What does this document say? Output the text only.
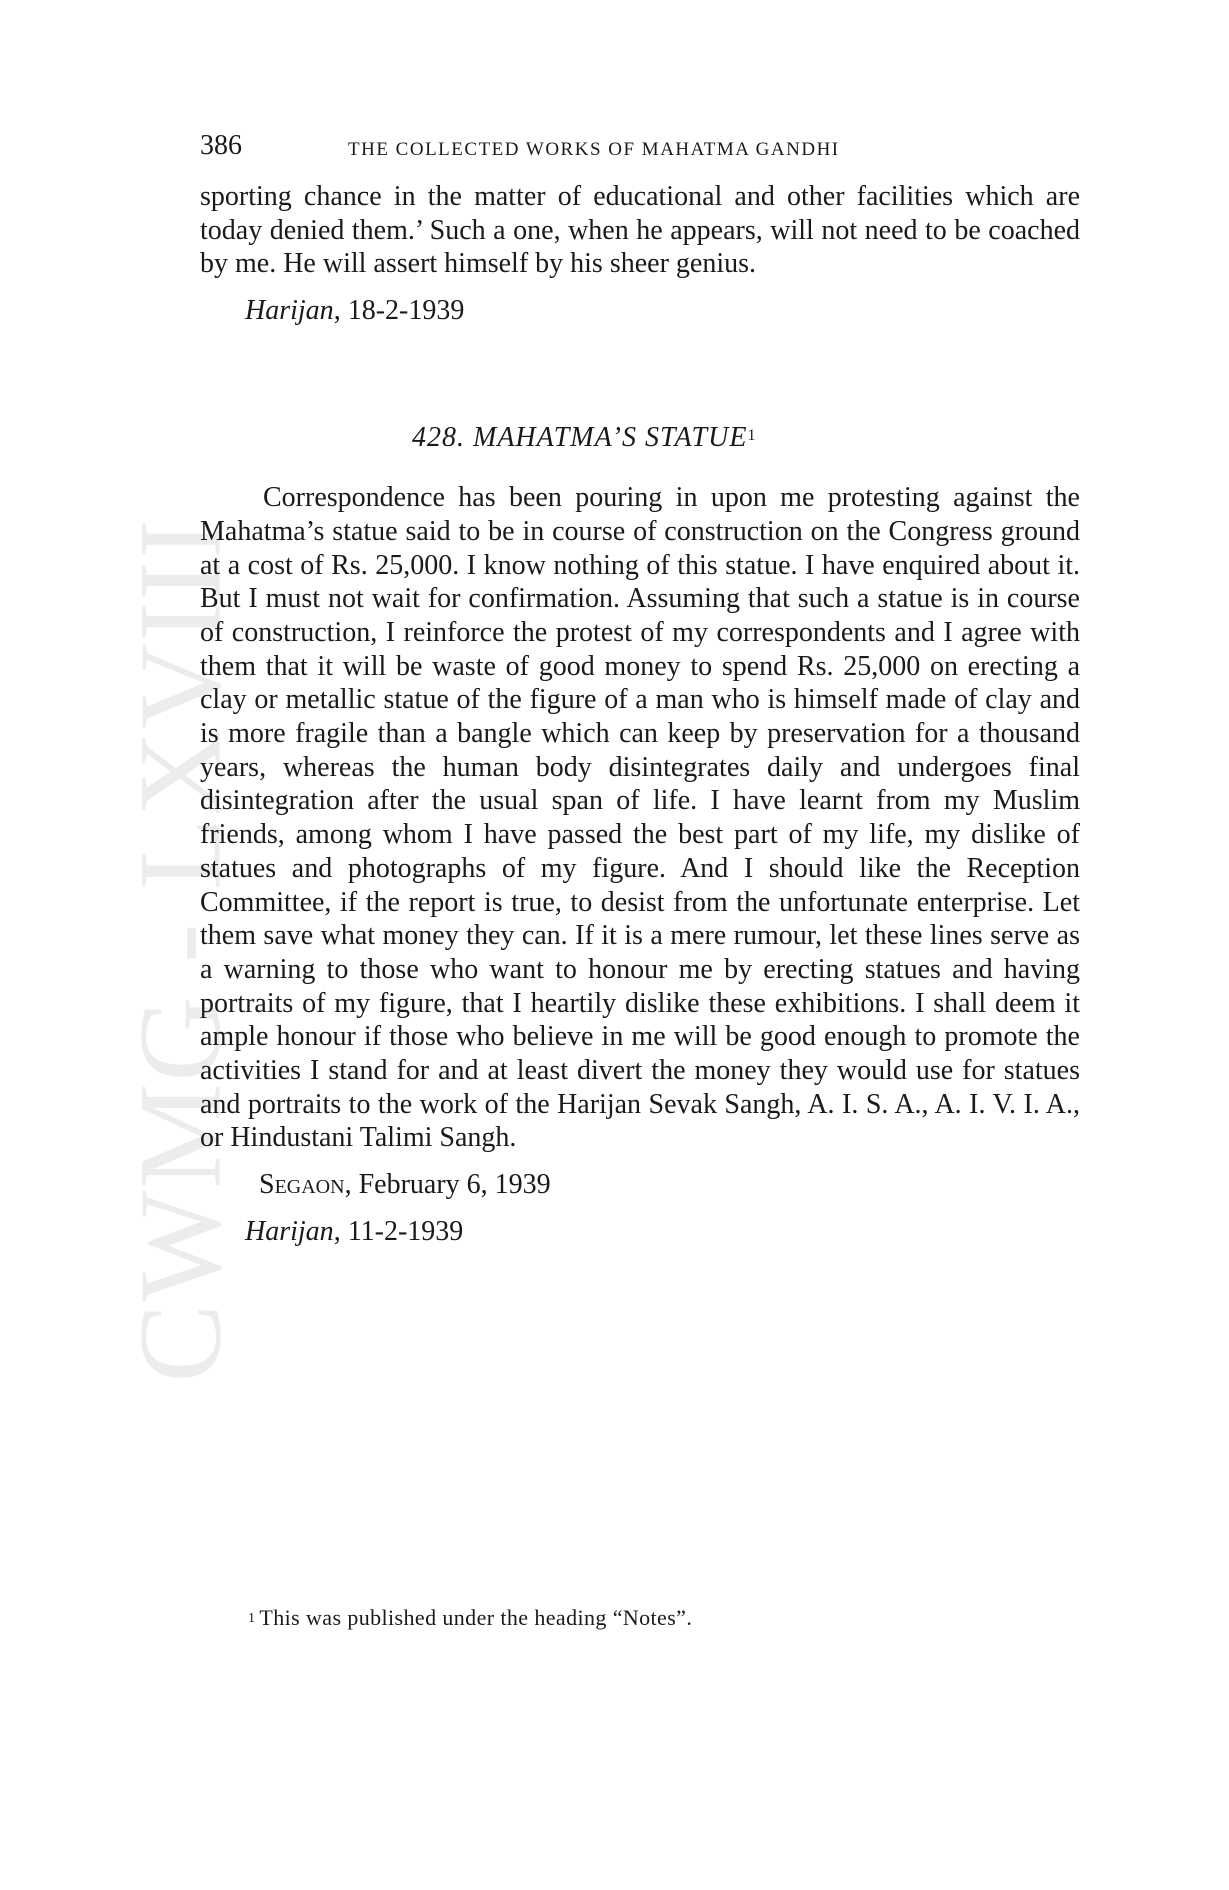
CWMG - LXVIII
386	THE COLLECTED WORKS OF MAHATMA GANDHI

sporting chance in the matter of educational and other facilities which are today denied them.’ Such a one, when he appears, will not need to be coached by me. He will assert himself by his sheer genius.

Harijan, 18-2-1939

428. MAHATMA’S STATUE$^1$

Correspondence has been pouring in upon me protesting against the Mahatma’s statue said to be in course of construction on the Congress ground at a cost of Rs. 25,000. I know nothing of this statue. I have enquired about it. But I must not wait for confirmation. Assuming that such a statue is in course of construction, I reinforce the protest of my correspondents and I agree with them that it will be waste of good money to spend Rs. 25,000 on erecting a clay or metallic statue of the figure of a man who is himself made of clay and is more fragile than a bangle which can keep by preservation for a thousand years, whereas the human body disintegrates daily and undergoes final disintegration after the usual span of life. I have learnt from my Muslim friends, among whom I have passed the best part of my life, my dislike of statues and photographs of my figure. And I should like the Reception Committee, if the report is true, to desist from the unfortunate enterprise. Let them save what money they can. If it is a mere rumour, let these lines serve as a warning to those who want to honour me by erecting statues and having portraits of my figure, that I heartily dislike these exhibitions. I shall deem it ample honour if those who believe in me will be good enough to promote the activities I stand for and at least divert the money they would use for statues and portraits to the work of the Harijan Sevak Sangh, A. I. S. A., A. I. V. I. A., or Hindustani Talimi Sangh.

Segaon, February 6, 1939

Harijan, 11-2-1939

$^1$ This was published under the heading “Notes”.
